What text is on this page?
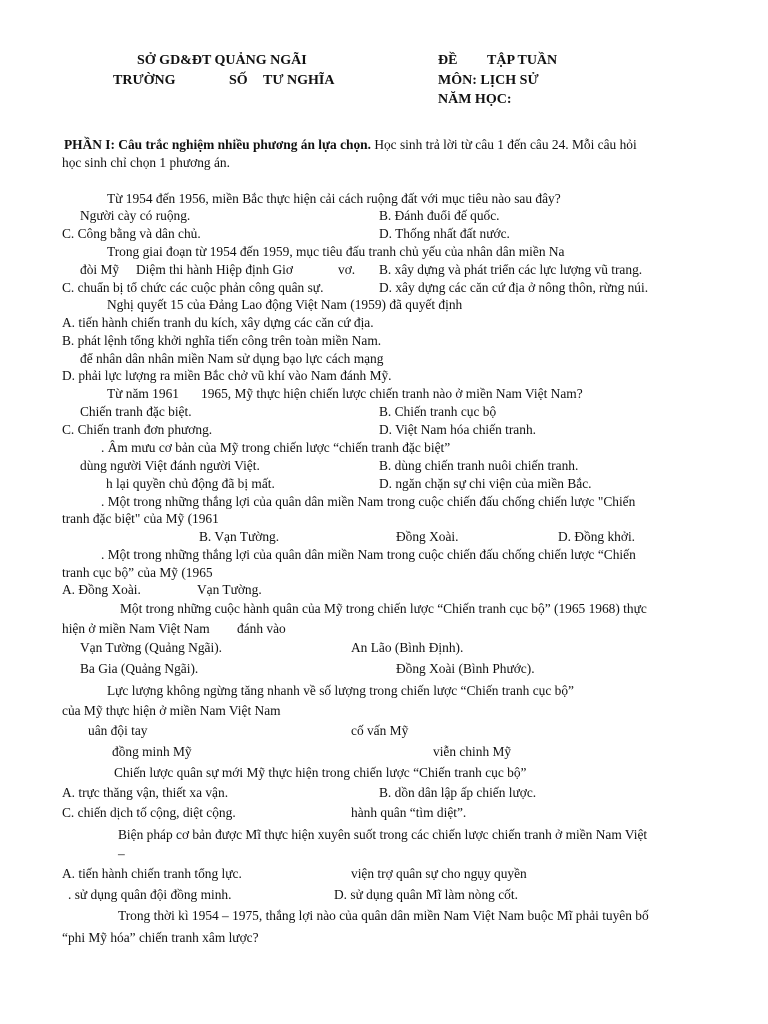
SỞ GD&ĐT QUẢNG NGÃI
TRƯỜNG	SỐ TƯ NGHĨA
ĐỀ TẬP TUẦN
MÔN: LỊCH SỬ
NĂM HỌC:
PHẦN I: Câu trắc nghiệm nhiều phương án lựa chọn. Học sinh trả lời từ câu 1 đến câu 24. Mỗi câu hỏi
học sinh chỉ chọn 1 phương án.
Từ 1954 đến 1956, miền Bắc thực hiện cải cách ruộng đất với mục tiêu nào sau đây?
Người cày có ruộng.	B. Đánh đuổi đế quốc.
C. Công bằng và dân chủ.	D. Thống nhất đất nước.
Trong giai đoạn từ 1954 đến 1959, mục tiêu đấu tranh chủ yếu của nhân dân miền Na
đòi Mỹ Diệm thi hành Hiệp định Giơ	vơ. B. xây dựng và phát triển các lực lượng vũ trang.
C. chuẩn bị tổ chức các cuộc phản công quân sự.	D. xây dựng các căn cứ địa ở nông thôn, rừng núi.
Nghị quyết 15 của Đảng Lao động Việt Nam (1959) đã quyết định
A. tiến hành chiến tranh du kích, xây dựng các căn cứ địa.
B. phát lệnh tổng khởi nghĩa tiến công trên toàn miền Nam.
để nhân dân nhân miền Nam sử dụng bạo lực cách mạng
D. phải lực lượng ra miền Bắc chở vũ khí vào Nam đánh Mỹ.
Từ năm 1961 1965, Mỹ thực hiện chiến lược chiến tranh nào ở miền Nam Việt Nam?
Chiến tranh đặc biệt.	B. Chiến tranh cục bộ
C. Chiến tranh đơn phương.	D. Việt Nam hóa chiến tranh.
. Âm mưu cơ bản của Mỹ trong chiến lược “chiến tranh đặc biệt”
dùng người Việt đánh người Việt.	B. dùng chiến tranh nuôi chiến tranh.
h lại quyền chủ động đã bị mất.	D. ngăn chặn sự chi viện của miền Bắc.
. Một trong những thắng lợi của quân dân miền Nam trong cuộc chiến đấu chống chiến lược "Chiến
tranh đặc biệt" của Mỹ (1961
B. Vạn Tường.	Đồng Xoài.	D. Đồng khởi.
. Một trong những thắng lợi của quân dân miền Nam trong cuộc chiến đấu chống chiến lược “Chiến
tranh cục bộ” của Mỹ (1965
A. Đồng Xoài.	Vạn Tường.
Một trong những cuộc hành quân của Mỹ trong chiến lược “Chiến tranh cục bộ” (1965 1968) thực
hiện ở miền Nam Việt Nam đánh vào
Vạn Tường (Quảng Ngãi).	An Lão (Bình Định).
Ba Gia (Quảng Ngãi).	Đồng Xoài (Bình Phước).
Lực lượng không ngừng tăng nhanh về số lượng trong chiến lược “Chiến tranh cục bộ”
của Mỹ thực hiện ở miền Nam Việt Nam
uân đội tay	cố vấn Mỹ
đồng minh Mỹ	viễn chinh Mỹ
Chiến lược quân sự mới Mỹ thực hiện trong chiến lược “Chiến tranh cục bộ”
A. trực thăng vận, thiết xa vận.	B. dồn dân lập ấp chiến lược.
C. chiến dịch tố cộng, diệt cộng.	hành quân “tìm diệt”.
Biện pháp cơ bản được Mĩ thực hiện xuyên suốt trong các chiến lược chiến tranh ở miền Nam Việt
–
A. tiến hành chiến tranh tổng lực.	viện trợ quân sự cho ngụy quyền
. sử dụng quân đội đồng minh.	D. sử dụng quân Mĩ làm nòng cốt.
Trong thời kì 1954 – 1975, thắng lợi nào của quân dân miền Nam Việt Nam buộc Mĩ phải tuyên bố
“phi Mỹ hóa” chiến tranh xâm lược?
